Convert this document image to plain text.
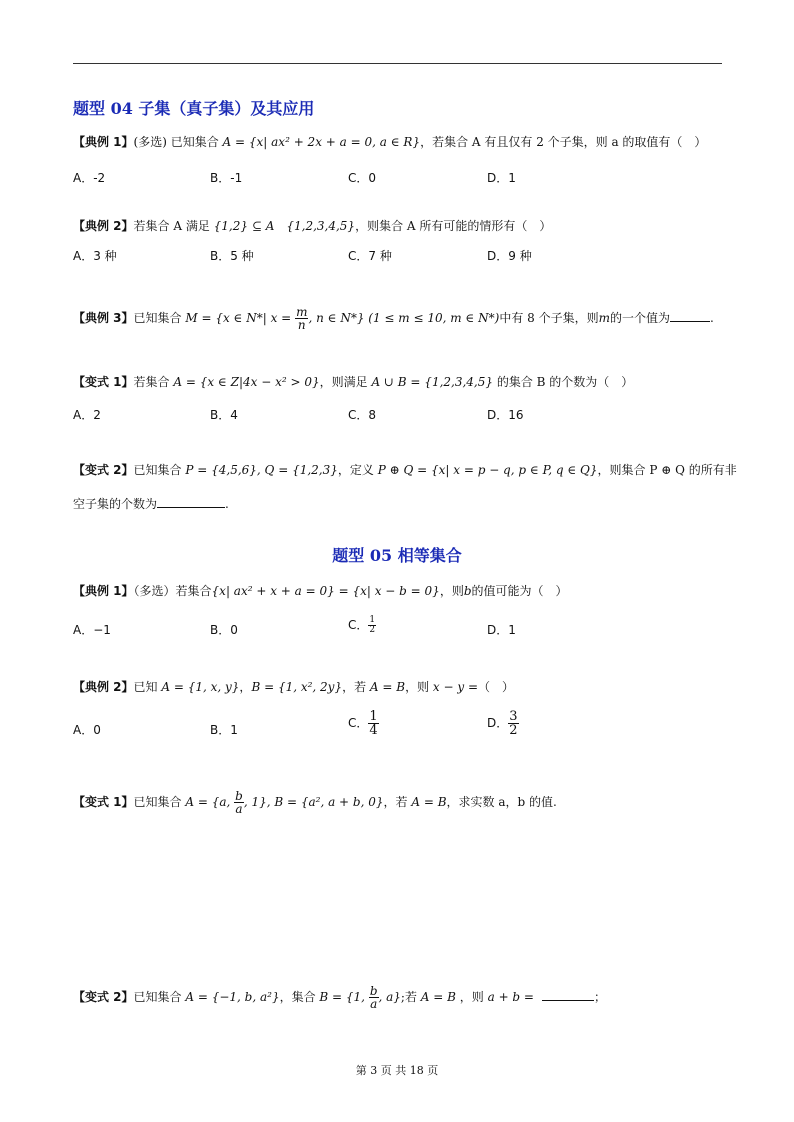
题型 04 子集（真子集）及其应用
【典例 1】(多选) 已知集合 A = {x| ax² + 2x + a = 0, a ∈ R}，若集合 A 有且仅有 2 个子集，则 a 的取值有（　）
A．-2	B．-1	C．0	D．1
【典例 2】若集合 A 满足 {1,2} ⊆ A　{1,2,3,4,5}，则集合 A 所有可能的情形有（　）
A．3 种	B．5 种	C．7 种	D．9 种
【典例 3】已知集合 M = {x ∈ N*| $x = \frac{m}{n}$ , n ∈ N*} (1 ≤ m ≤ 10, m ∈ N*)中有 8 个子集，则m的一个值为	.
【变式 1】若集合 A = {x ∈ Z|4x − x² > 0}，则满足 A ∪ B = {1,2,3,4,5} 的集合 B 的个数为（　）
A．2	B．4	C．8	D．16
【变式 2】已知集合 P = {4,5,6}, Q = {1,2,3}，定义 P ⊕ Q = {x| x = p − q, p ∈ P, q ∈ Q}，则集合 P ⊕ Q 的所有非
空子集的个数为	.
题型 05 相等集合
【典例 1】（多选）若集合{x| ax² + x + a = 0} = {x| x − b = 0}，则b的值可能为（　）
A．−1	B．0	C． $\frac{1}{2}$	D．1
【典例 2】已知 A = {1, x, y}，B = {1, x², 2y}，若 A = B，则 x − y =（　）
A．0	B．1	C． $\frac{1}{4}$	D． $\frac{3}{2}$
【变式 1】已知集合 A = {a, $\frac{b}{a}$ , 1}, B = {a², a + b, 0}，若 A = B，求实数 a，b 的值.
【变式 2】已知集合 A = {−1, b, a²}，集合 B = {1, $\frac{b}{a}$ , a};若 A = B ，则 a + b =	；
第 3 页 共 18 页
